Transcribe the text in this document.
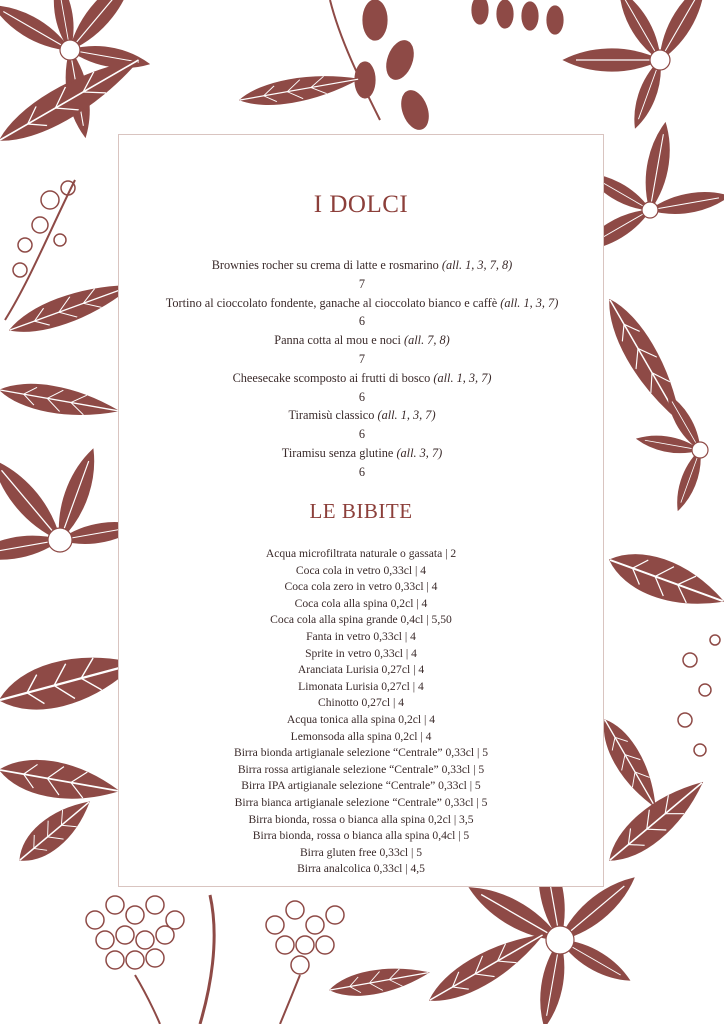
I DOLCI
Brownies rocher su crema di latte e rosmarino (all. 1, 3, 7, 8)
7
Tortino al cioccolato fondente, ganache al cioccolato bianco e caffè (all. 1, 3, 7)
6
Panna cotta al mou e noci (all. 7, 8)
7
Cheesecake scomposto ai frutti di bosco (all. 1, 3, 7)
6
Tiramisù classico (all. 1, 3, 7)
6
Tiramisu senza glutine (all. 3, 7)
6
LE BIBITE
Acqua microfiltrata naturale o gassata | 2
Coca cola in vetro 0,33cl | 4
Coca cola zero in vetro 0,33cl | 4
Coca cola alla spina 0,2cl | 4
Coca cola alla spina grande 0,4cl | 5,50
Fanta in vetro 0,33cl | 4
Sprite in vetro 0,33cl | 4
Aranciata Lurisia 0,27cl | 4
Limonata Lurisia 0,27cl | 4
Chinotto 0,27cl | 4
Acqua tonica alla spina 0,2cl | 4
Lemonsoda alla spina 0,2cl | 4
Birra bionda artigianale selezione “Centrale” 0,33cl | 5
Birra rossa artigianale selezione “Centrale” 0,33cl | 5
Birra IPA artigianale selezione “Centrale” 0,33cl | 5
Birra bianca artigianale selezione “Centrale” 0,33cl | 5
Birra bionda, rossa o bianca alla spina 0,2cl | 3,5
Birra bionda, rossa o bianca alla spina 0,4cl | 5
Birra gluten free 0,33cl | 5
Birra analcolica 0,33cl | 4,5
